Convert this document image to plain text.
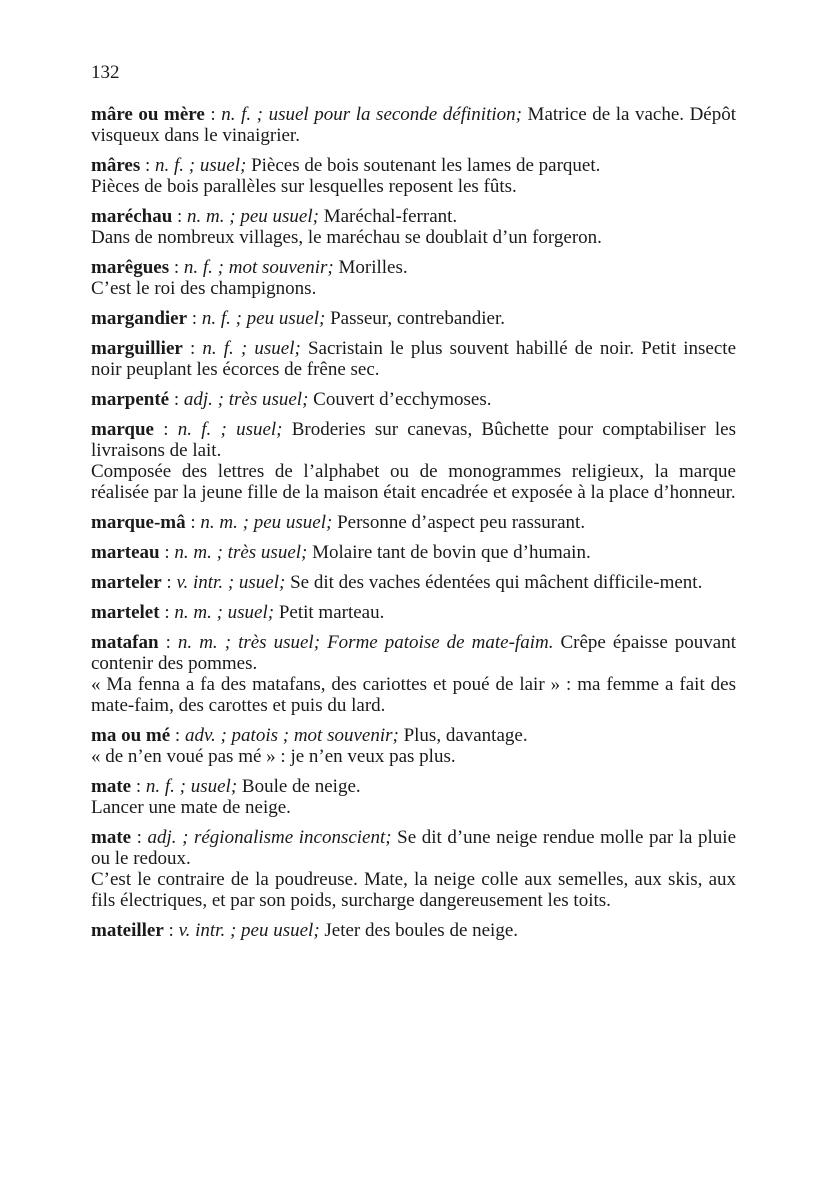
132
mâre ou mère : n. f. ; usuel pour la seconde définition; Matrice de la vache. Dépôt visqueux dans le vinaigrier.
mâres : n. f. ; usuel; Pièces de bois soutenant les lames de parquet.
Pièces de bois parallèles sur lesquelles reposent les fûts.
maréchau : n. m. ; peu usuel; Maréchal-ferrant.
Dans de nombreux villages, le maréchau se doublait d’un forgeron.
marêgues : n. f. ; mot souvenir; Morilles.
C’est le roi des champignons.
margandier : n. f. ; peu usuel; Passeur, contrebandier.
marguillier : n. f. ; usuel; Sacristain le plus souvent habillé de noir. Petit insecte noir peuplant les écorces de frêne sec.
marpenté : adj. ; très usuel; Couvert d’ecchymoses.
marque : n. f. ; usuel; Broderies sur canevas, Bûchette pour comptabiliser les livraisons de lait.
Composée des lettres de l’alphabet ou de monogrammes religieux, la marque réalisée par la jeune fille de la maison était encadrée et exposée à la place d’honneur.
marque-mâ : n. m. ; peu usuel; Personne d’aspect peu rassurant.
marteau : n. m. ; très usuel; Molaire tant de bovin que d’humain.
marteler : v. intr. ; usuel; Se dit des vaches édentées qui mâchent difficile-ment.
martelet : n. m. ; usuel; Petit marteau.
matafan : n. m. ; très usuel; Forme patoise de mate-faim. Crêpe épaisse pouvant contenir des pommes.
« Ma fenna a fa des matafans, des cariottes et poué de lair » : ma femme a fait des mate-faim, des carottes et puis du lard.
ma ou mé : adv. ; patois ; mot souvenir; Plus, davantage.
« de n’en voué pas mé » : je n’en veux pas plus.
mate : n. f. ; usuel; Boule de neige.
Lancer une mate de neige.
mate : adj. ; régionalisme inconscient; Se dit d’une neige rendue molle par la pluie ou le redoux.
C’est le contraire de la poudreuse. Mate, la neige colle aux semelles, aux skis, aux fils électriques, et par son poids, surcharge dangereusement les toits.
mateiller : v. intr. ; peu usuel; Jeter des boules de neige.
